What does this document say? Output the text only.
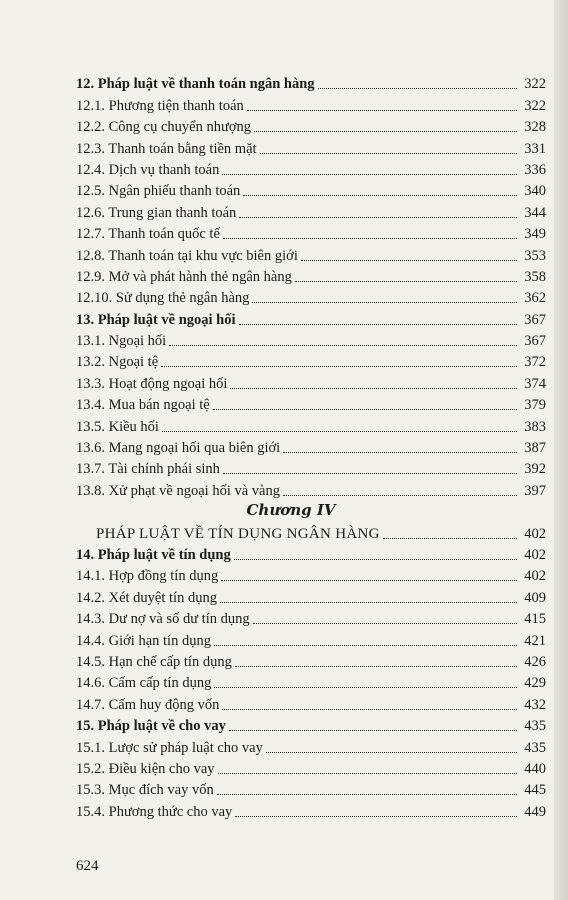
12. Pháp luật về thanh toán ngân hàng	322
12.1. Phương tiện thanh toán	322
12.2. Công cụ chuyển nhượng	328
12.3. Thanh toán bằng tiền mặt	331
12.4. Dịch vụ thanh toán	336
12.5. Ngân phiếu thanh toán	340
12.6. Trung gian thanh toán	344
12.7. Thanh toán quốc tế	349
12.8. Thanh toán tại khu vực biên giới	353
12.9. Mở và phát hành thẻ ngân hàng	358
12.10. Sử dụng thẻ ngân hàng	362
13. Pháp luật về ngoại hối	367
13.1. Ngoại hối	367
13.2. Ngoại tệ	372
13.3. Hoạt động ngoại hối	374
13.4. Mua bán ngoại tệ	379
13.5. Kiều hối	383
13.6. Mang ngoại hối qua biên giới	387
13.7. Tài chính phái sinh	392
13.8. Xử phạt về ngoại hối và vàng	397
Chương IV
PHÁP LUẬT VỀ TÍN DỤNG NGÂN HÀNG	402
14. Pháp luật về tín dụng	402
14.1. Hợp đồng tín dụng	402
14.2. Xét duyệt tín dụng	409
14.3. Dư nợ và số dư tín dụng	415
14.4. Giới hạn tín dụng	421
14.5. Hạn chế cấp tín dụng	426
14.6. Cấm cấp tín dụng	429
14.7. Cấm huy động vốn	432
15. Pháp luật về cho vay	435
15.1. Lược sử pháp luật cho vay	435
15.2. Điều kiện cho vay	440
15.3. Mục đích vay vốn	445
15.4. Phương thức cho vay	449
624
